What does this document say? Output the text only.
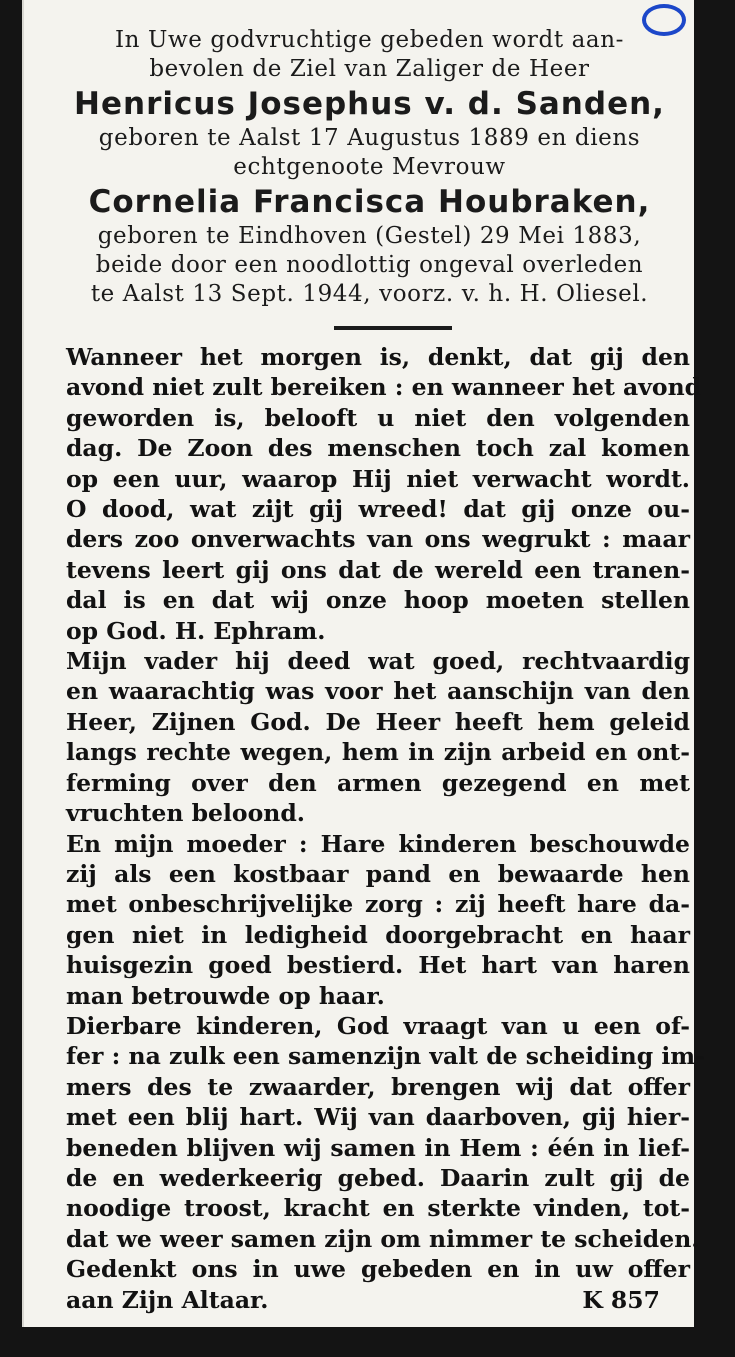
In Uwe godvruchtige gebeden wordt aan-

bevolen de Ziel van Zaliger de Heer

Henricus Josephus v. d. Sanden,

geboren te Aalst 17 Augustus 1889 en diens

echtgenoote Mevrouw

Cornelia Francisca Houbraken,

geboren te Eindhoven (Gestel) 29 Mei 1883,

beide door een noodlottig ongeval overleden

te Aalst 13 Sept. 1944, voorz. v. h. H. Oliesel.

Wanneer het morgen is, denkt, dat gij den
avond niet zult bereiken : en wanneer het avond
geworden is, belooft u niet den volgenden
dag. De Zoon des menschen toch zal komen
op een uur, waarop Hij niet verwacht wordt.
O dood, wat zijt gij wreed! dat gij onze ou-
ders zoo onverwachts van ons wegrukt : maar
tevens leert gij ons dat de wereld een tranen-
dal is en dat wij onze hoop moeten stellen
op God. H. Ephram.

Mijn vader hij deed wat goed, rechtvaardig
en waarachtig was voor het aanschijn van den
Heer, Zijnen God. De Heer heeft hem geleid
langs rechte wegen, hem in zijn arbeid en ont-
ferming over den armen gezegend en met
vruchten beloond.

En mijn moeder : Hare kinderen beschouwde
zij als een kostbaar pand en bewaarde hen
met onbeschrijvelijke zorg : zij heeft hare da-
gen niet in ledigheid doorgebracht en haar
huisgezin goed bestierd. Het hart van haren
man betrouwde op haar.

Dierbare kinderen, God vraagt van u een of-
fer : na zulk een samenzijn valt de scheiding im-
mers des te zwaarder, brengen wij dat offer
met een blij hart. Wij van daarboven, gij hier-
beneden blijven wij samen in Hem : één in lief-
de en wederkeerig gebed. Daarin zult gij de
noodige troost, kracht en sterkte vinden, tot-
dat we weer samen zijn om nimmer te scheiden.
Gedenkt ons in uwe gebeden en in uw offer

aan Zijn Altaar.	K 857
